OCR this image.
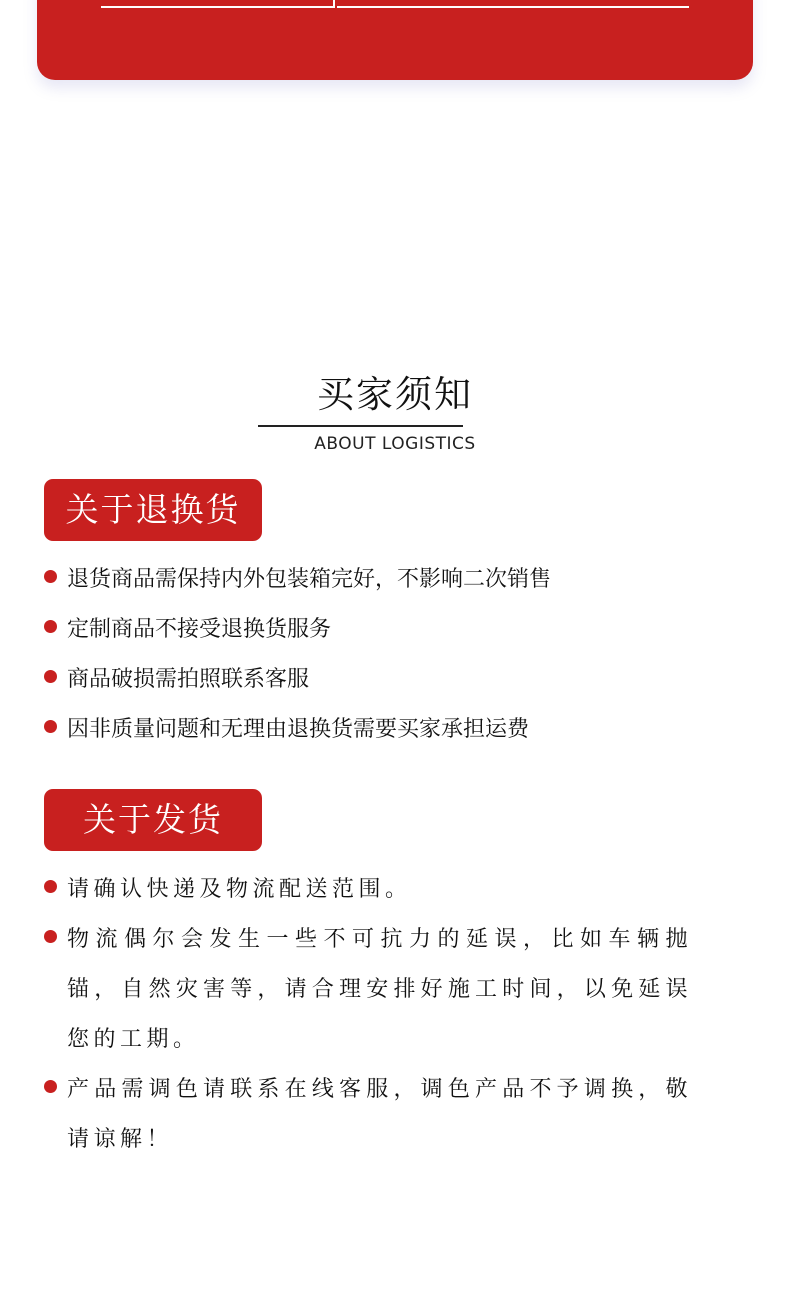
买家须知
ABOUT LOGISTICS
关于退换货
退货商品需保持内外包装箱完好，不影响二次销售
定制商品不接受退换货服务
商品破损需拍照联系客服
因非质量问题和无理由退换货需要买家承担运费
关于发货
请确认快递及物流配送范围。
物流偶尔会发生一些不可抗力的延误，比如车辆抛锚，自然灾害等，请合理安排好施工时间，以免延误您的工期。
产品需调色请联系在线客服，调色产品不予调换，敬请谅解！
